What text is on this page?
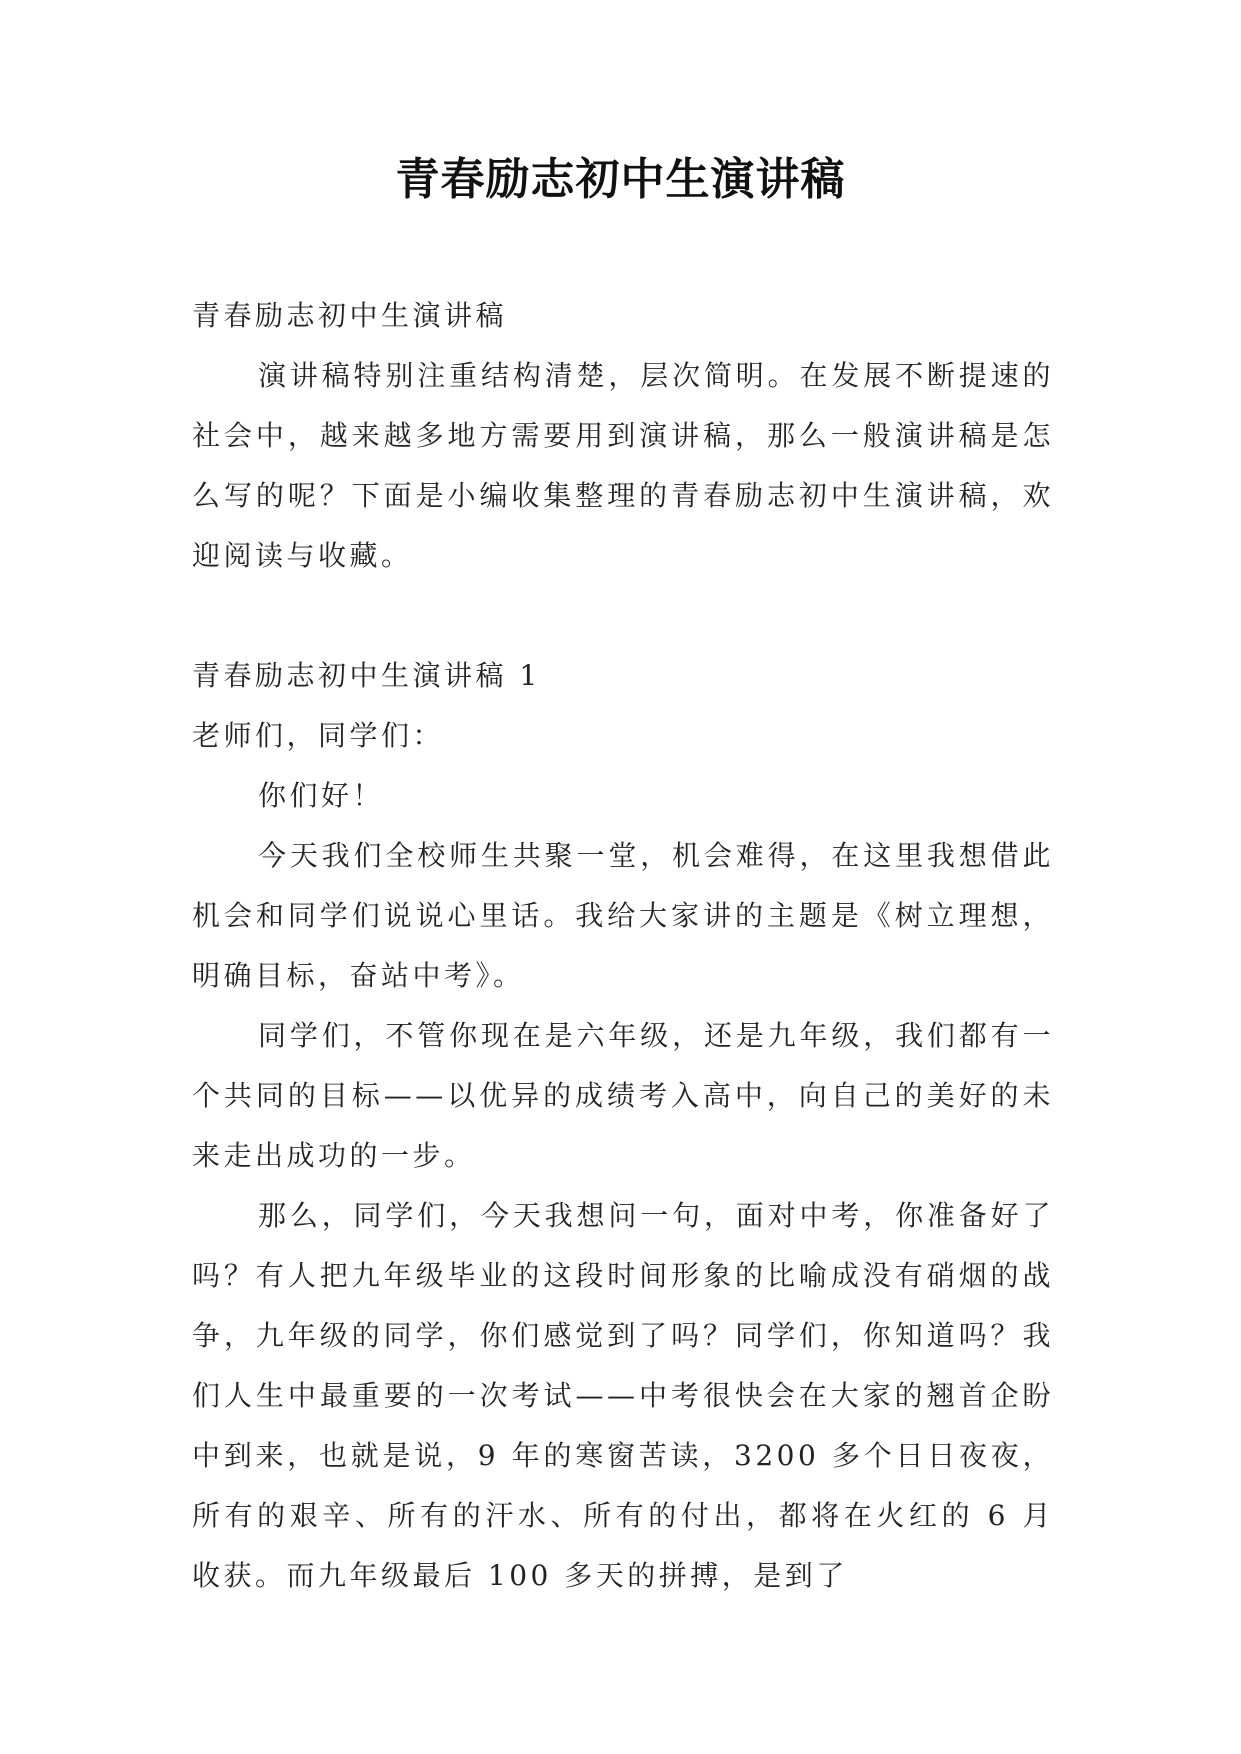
青春励志初中生演讲稿

青春励志初中生演讲稿

演讲稿特别注重结构清楚，层次简明。在发展不断提速的社会中，越来越多地方需要用到演讲稿，那么一般演讲稿是怎么写的呢？下面是小编收集整理的青春励志初中生演讲稿，欢迎阅读与收藏。

青春励志初中生演讲稿 1

老师们，同学们：

你们好！

今天我们全校师生共聚一堂，机会难得，在这里我想借此机会和同学们说说心里话。我给大家讲的主题是《树立理想，明确目标，奋站中考》。

同学们，不管你现在是六年级，还是九年级，我们都有一个共同的目标——以优异的成绩考入高中，向自己的美好的未来走出成功的一步。

那么，同学们，今天我想问一句，面对中考，你准备好了吗？有人把九年级毕业的这段时间形象的比喻成没有硝烟的战争，九年级的同学，你们感觉到了吗？同学们，你知道吗？我们人生中最重要的一次考试——中考很快会在大家的翘首企盼中到来，也就是说，9 年的寒窗苦读，3200 多个日日夜夜，所有的艰辛、所有的汗水、所有的付出，都将在火红的 6 月收获。而九年级最后 100 多天的拼搏，是到了
